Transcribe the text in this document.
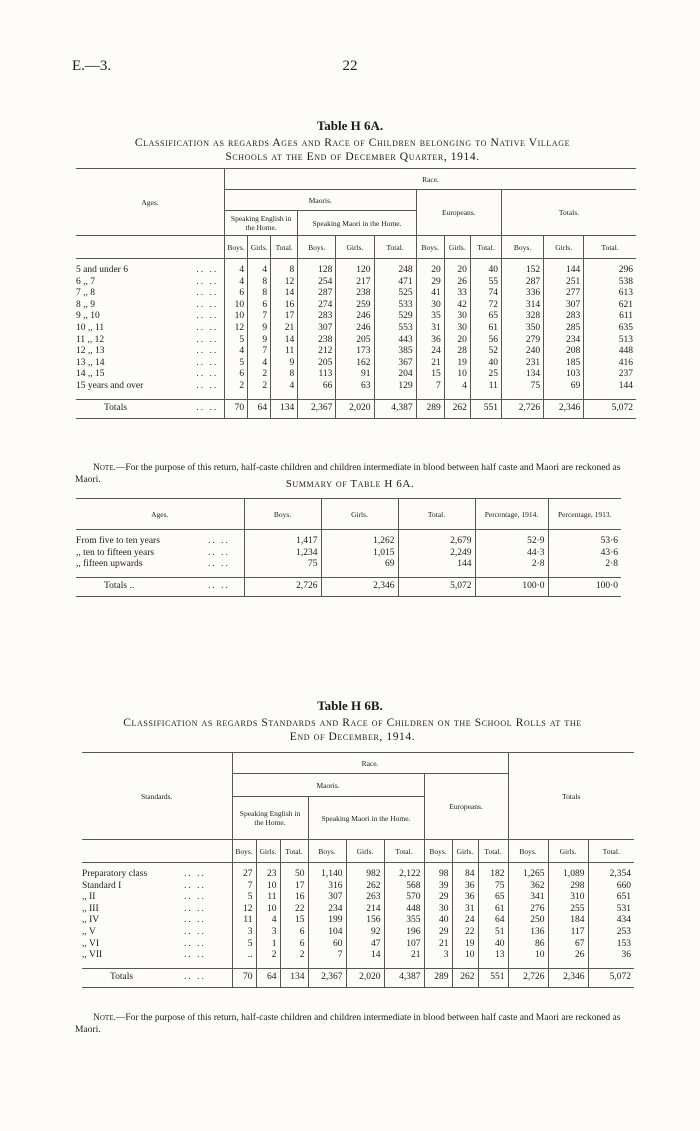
E.—3.	22
Table H 6A.
Classification as regards Ages and Race of Children belonging to Native Village
Schools at the End of December Quarter, 1914.
Ages.		Race.											
		Maoris.						Europeans.			Totals.		
		Speaking English in the Home.			Speaking Maori in the Home.								
		Boys.	Girls.	Total.	Boys.	Girls.	Total.	Boys.	Girls.	Total.	Boys.	Girls.	Total.

5 and under 6	.. ..	4	4	8	128	120	248	20	20	40	152	144	296
6 ,, 7	.. ..	4	8	12	254	217	471	29	26	55	287	251	538
7 ,, 8	.. ..	6	8	14	287	238	525	41	33	74	336	277	613
8 ,, 9	.. ..	10	6	16	274	259	533	30	42	72	314	307	621
9 ,, 10	.. ..	10	7	17	283	246	529	35	30	65	328	283	611
10 ,, 11	.. ..	12	9	21	307	246	553	31	30	61	350	285	635
11 ,, 12	.. ..	5	9	14	238	205	443	36	20	56	279	234	513
12 ,, 13	.. ..	4	7	11	212	173	385	24	28	52	240	208	448
13 ,, 14	.. ..	5	4	9	205	162	367	21	19	40	231	185	416
14 ,, 15	.. ..	6	2	8	113	91	204	15	10	25	134	103	237
15 years and over	.. ..	2	2	4	66	63	129	7	4	11	75	69	144

Totals	.. ..	70	64	134	2,367	2,020	4,387	289	262	551	2,726	2,346	5,072
Note.—For the purpose of this return, half-caste children and children intermediate in blood between half caste and Maori are reckoned as Maori.	Summary of Table H 6A.
Ages.		Boys.	Girls.	Total.	Percentage, 1914.	Percentage, 1913.

From five to ten years	.. ..	1,417	1,262	2,679	52·9	53·6
,, ten to fifteen years	.. ..	1,234	1,015	2,249	44·3	43·6
,, fifteen upwards	.. ..	75	69	144	2·8	2·8

Totals ..	.. ..	2,726	2,346	5,072	100·0	100·0
Table H 6B.
Classification as regards Standards and Race of Children on the School Rolls at the
End of December, 1914.
Standards.		Race.									Totals		
		Maoris.						Europeans.					
		Speaking English in the Home.			Speaking Maori in the Home.								
		Boys.	Girls.	Total.	Boys.	Girls.	Total.	Boys.	Girls.	Total.	Boys.	Girls.	Total.

Preparatory class	.. ..	27	23	50	1,140	982	2,122	98	84	182	1,265	1,089	2,354
Standard I	.. ..	7	10	17	316	262	568	39	36	75	362	298	660
,, II	.. ..	5	11	16	307	263	570	29	36	65	341	310	651
,, III	.. ..	12	10	22	234	214	448	30	31	61	276	255	531
,, IV	.. ..	11	4	15	199	156	355	40	24	64	250	184	434
,, V	.. ..	3	3	6	104	92	196	29	22	51	136	117	253
,, VI	.. ..	5	1	6	60	47	107	21	19	40	86	67	153
,, VII	.. ..	..	2	2	7	14	21	3	10	13	10	26	36

Totals	.. ..	70	64	134	2,367	2,020	4,387	289	262	551	2,726	2,346	5,072
Note.—For the purpose of this return, half-caste children and children intermediate in blood between half caste and Maori are reckoned as Maori.
